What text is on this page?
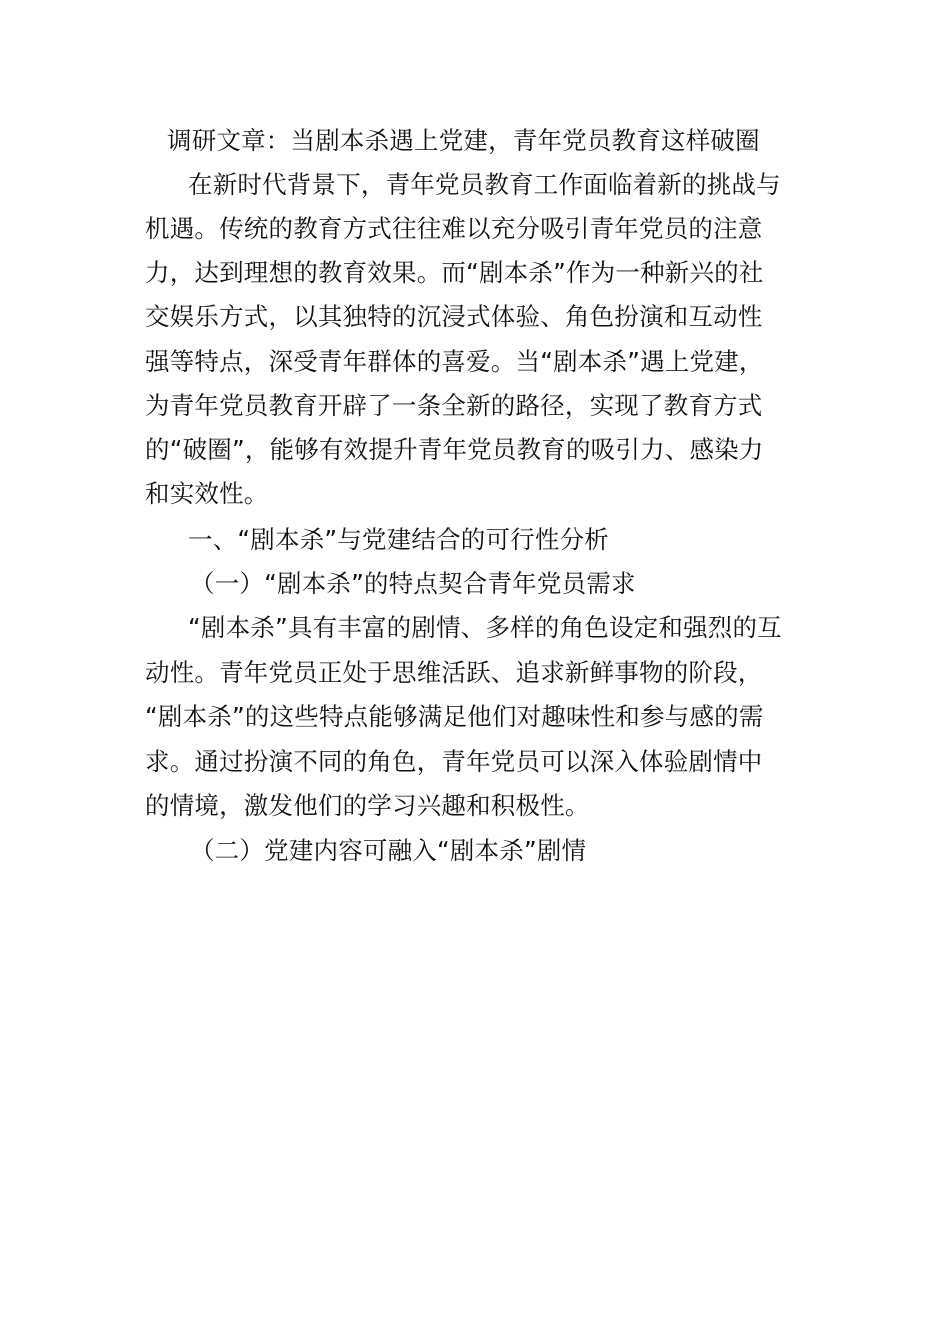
调研文章：当剧本杀遇上党建，青年党员教育这样破圈
在新时代背景下，青年党员教育工作面临着新的挑战与
机遇。传统的教育方式往往难以充分吸引青年党员的注意
力，达到理想的教育效果。而“剧本杀”作为一种新兴的社
交娱乐方式，以其独特的沉浸式体验、角色扮演和互动性
强等特点，深受青年群体的喜爱。当“剧本杀”遇上党建，
为青年党员教育开辟了一条全新的路径，实现了教育方式
的“破圈”，能够有效提升青年党员教育的吸引力、感染力
和实效性。
一、“剧本杀”与党建结合的可行性分析
（一）“剧本杀”的特点契合青年党员需求
“剧本杀”具有丰富的剧情、多样的角色设定和强烈的互
动性。青年党员正处于思维活跃、追求新鲜事物的阶段，
“剧本杀”的这些特点能够满足他们对趣味性和参与感的需
求。通过扮演不同的角色，青年党员可以深入体验剧情中
的情境，激发他们的学习兴趣和积极性。
（二）党建内容可融入“剧本杀”剧情
